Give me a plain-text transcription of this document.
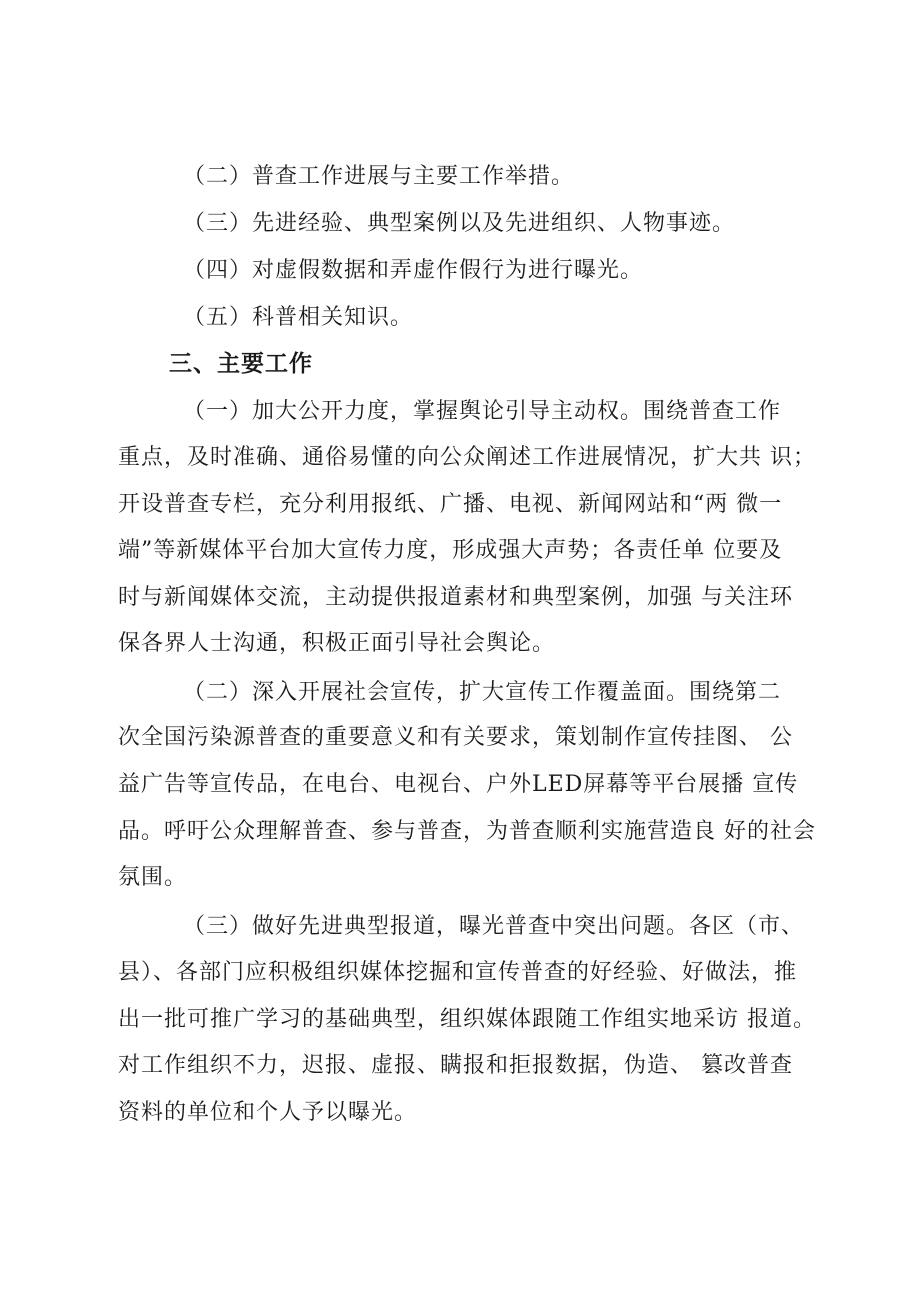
（二）普查工作进展与主要工作举措。
（三）先进经验、典型案例以及先进组织、人物事迹。
（四）对虚假数据和弄虚作假行为进行曝光。
（五）科普相关知识。
三、主要工作
（一）加大公开力度，掌握舆论引导主动权。围绕普查工作
重点，及时准确、通俗易懂的向公众阐述工作进展情况，扩大共 识；
开设普查专栏，充分利用报纸、广播、电视、新闻网站和“两 微一
端”等新媒体平台加大宣传力度，形成强大声势；各责任单 位要及
时与新闻媒体交流，主动提供报道素材和典型案例，加强 与关注环
保各界人士沟通，积极正面引导社会舆论。
（二）深入开展社会宣传，扩大宣传工作覆盖面。围绕第二
次全国污染源普查的重要意义和有关要求，策划制作宣传挂图、 公
益广告等宣传品，在电台、电视台、户外LED屏幕等平台展播 宣传
品。呼吁公众理解普查、参与普查，为普查顺利实施营造良 好的社会
氛围。
（三）做好先进典型报道，曝光普查中突出问题。各区（市、
县）、各部门应积极组织媒体挖掘和宣传普查的好经验、好做法，推
出一批可推广学习的基础典型，组织媒体跟随工作组实地采访 报道。
对工作组织不力，迟报、虚报、瞒报和拒报数据，伪造、 篡改普查
资料的单位和个人予以曝光。
